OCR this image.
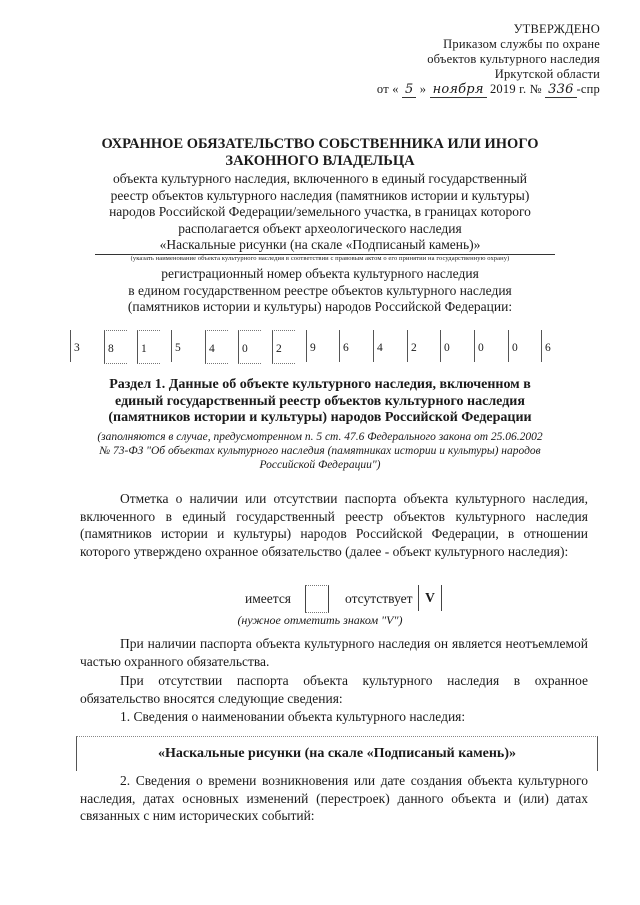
УТВЕРЖДЕНО
Приказом службы по охране
объектов культурного наследия
Иркутской области
от « 5 » ноября 2019 г. № 336 -спр
ОХРАННОЕ ОБЯЗАТЕЛЬСТВО СОБСТВЕННИКА ИЛИ ИНОГО
ЗАКОННОГО ВЛАДЕЛЬЦА
объекта культурного наследия, включенного в единый государственный
реестр объектов культурного наследия (памятников истории и культуры)
народов Российской Федерации/земельного участка, в границах которого
располагается объект археологического наследия
«Наскальные рисунки (на скале «Подписаный камень)»
(указать наименование объекта культурного наследия в соответствии с правовым актом о его принятии на государственную охрану)
регистрационный номер объекта культурного наследия
в едином государственном реестре объектов культурного наследия
(памятников истории и культуры) народов Российской Федерации:
3 8 1 5 4 0 2 9 6 4 2 0 0 0 6
Раздел 1. Данные об объекте культурного наследия, включенном в
единый государственный реестр объектов культурного наследия
(памятников истории и культуры) народов Российской Федерации
(заполняются в случае, предусмотренном п. 5 ст. 47.6 Федерального закона от 25.06.2002
№ 73-ФЗ "Об объектах культурного наследия (памятниках истории и культуры) народов
Российской Федерации")
Отметка о наличии или отсутствии паспорта объекта культурного наследия, включенного в единый государственный реестр объектов культурного наследия (памятников истории и культуры) народов Российской Федерации, в отношении которого утверждено охранное обязательство (далее - объект культурного наследия):
имеется	отсутствует V
(нужное отметить знаком "V")
При наличии паспорта объекта культурного наследия он является неотъемлемой частью охранного обязательства.
При отсутствии паспорта объекта культурного наследия в охранное обязательство вносятся следующие сведения:
1. Сведения о наименовании объекта культурного наследия:
«Наскальные рисунки (на скале «Подписаный камень)»
2. Сведения о времени возникновения или дате создания объекта культурного наследия, датах основных изменений (перестроек) данного объекта и (или) датах связанных с ним исторических событий:
